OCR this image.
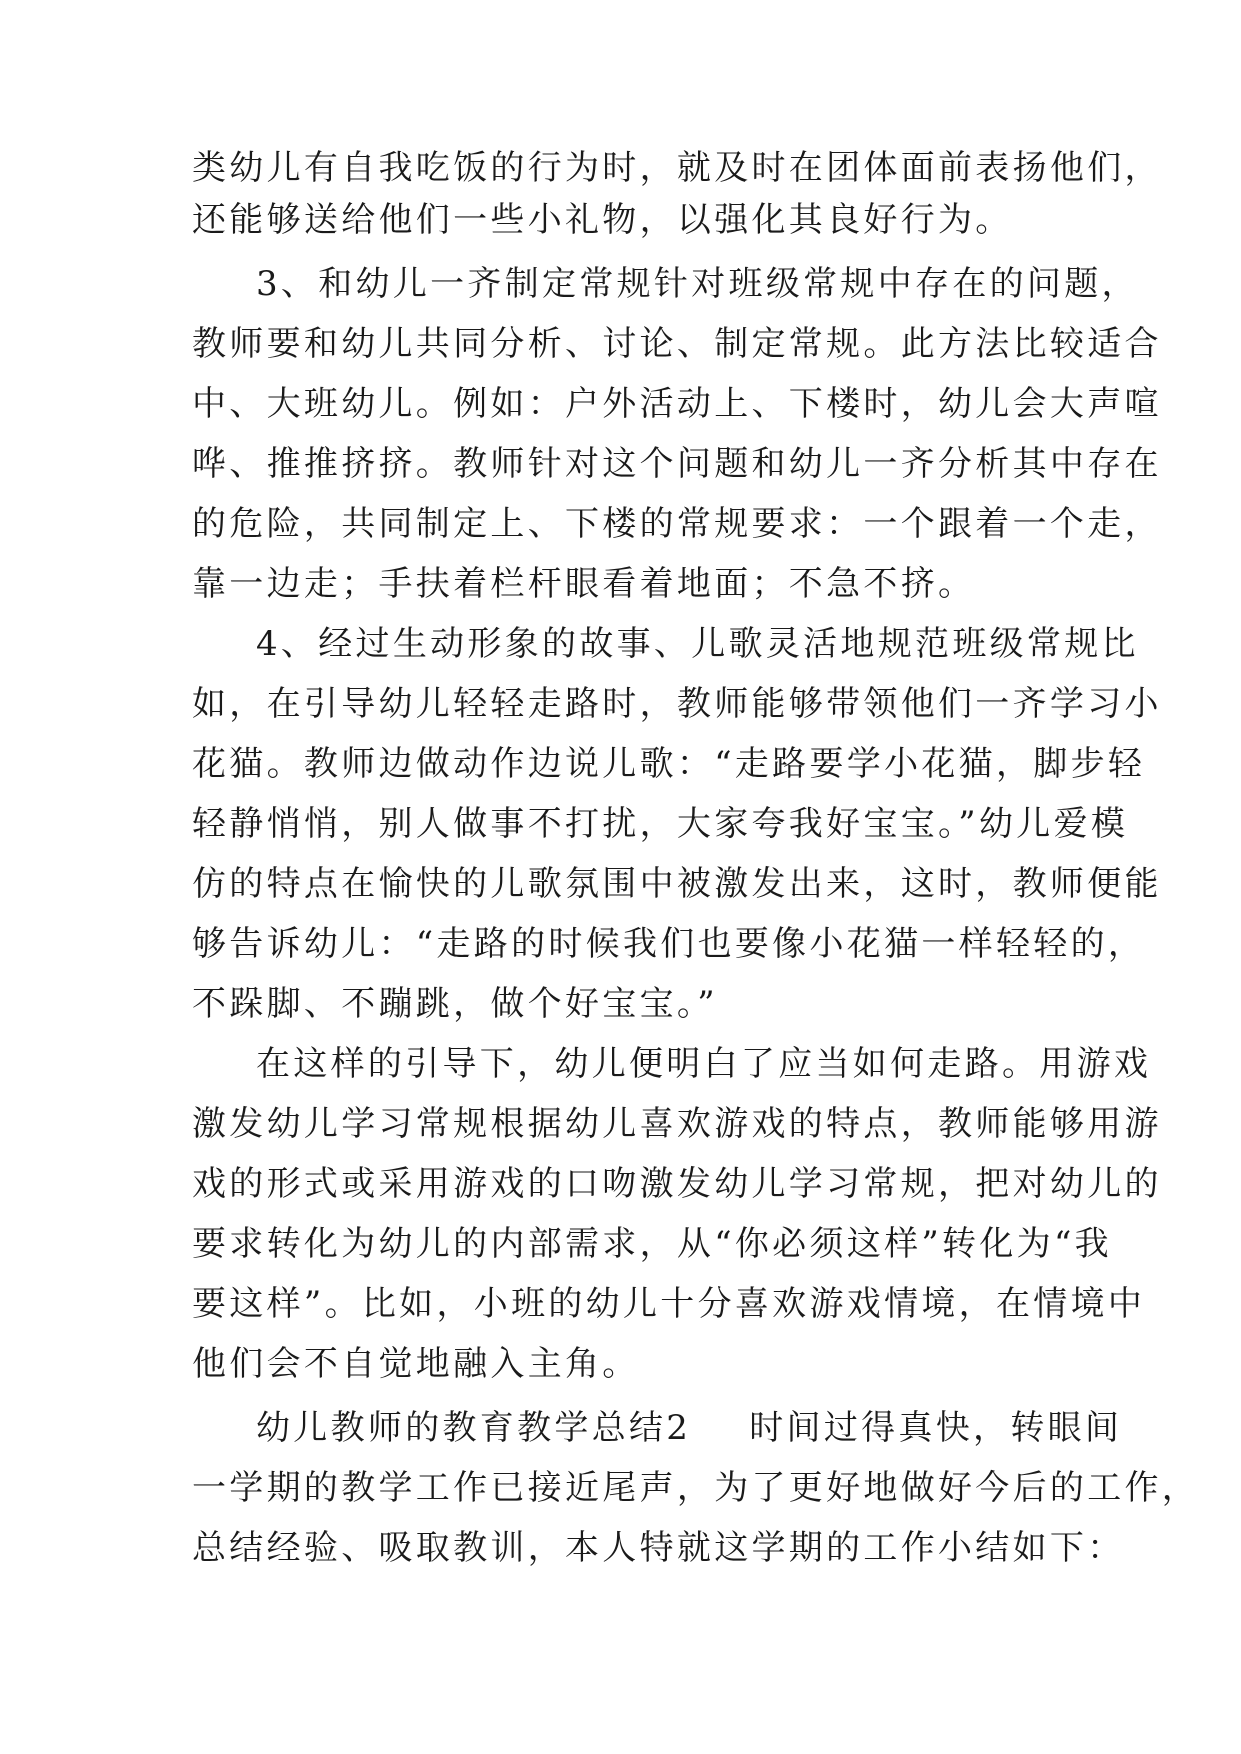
类幼儿有自我吃饭的行为时，就及时在团体面前表扬他们，
还能够送给他们一些小礼物，以强化其良好行为。
3、和幼儿一齐制定常规针对班级常规中存在的问题，
教师要和幼儿共同分析、讨论、制定常规。此方法比较适合
中、大班幼儿。例如：户外活动上、下楼时，幼儿会大声喧
哗、推推挤挤。教师针对这个问题和幼儿一齐分析其中存在
的危险，共同制定上、下楼的常规要求：一个跟着一个走，
靠一边走；手扶着栏杆眼看着地面；不急不挤。
4、经过生动形象的故事、儿歌灵活地规范班级常规比
如，在引导幼儿轻轻走路时，教师能够带领他们一齐学习小
花猫。教师边做动作边说儿歌：“走路要学小花猫，脚步轻
轻静悄悄，别人做事不打扰，大家夸我好宝宝。”幼儿爱模
仿的特点在愉快的儿歌氛围中被激发出来，这时，教师便能
够告诉幼儿：“走路的时候我们也要像小花猫一样轻轻的，
不跺脚、不蹦跳，做个好宝宝。”
在这样的引导下，幼儿便明白了应当如何走路。用游戏
激发幼儿学习常规根据幼儿喜欢游戏的特点，教师能够用游
戏的形式或采用游戏的口吻激发幼儿学习常规，把对幼儿的
要求转化为幼儿的内部需求，从“你必须这样”转化为“我
要这样”。比如，小班的幼儿十分喜欢游戏情境，在情境中
他们会不自觉地融入主角。
幼儿教师的教育教学总结2 时间过得真快，转眼间
一学期的教学工作已接近尾声，为了更好地做好今后的工作，
总结经验、吸取教训，本人特就这学期的工作小结如下：
